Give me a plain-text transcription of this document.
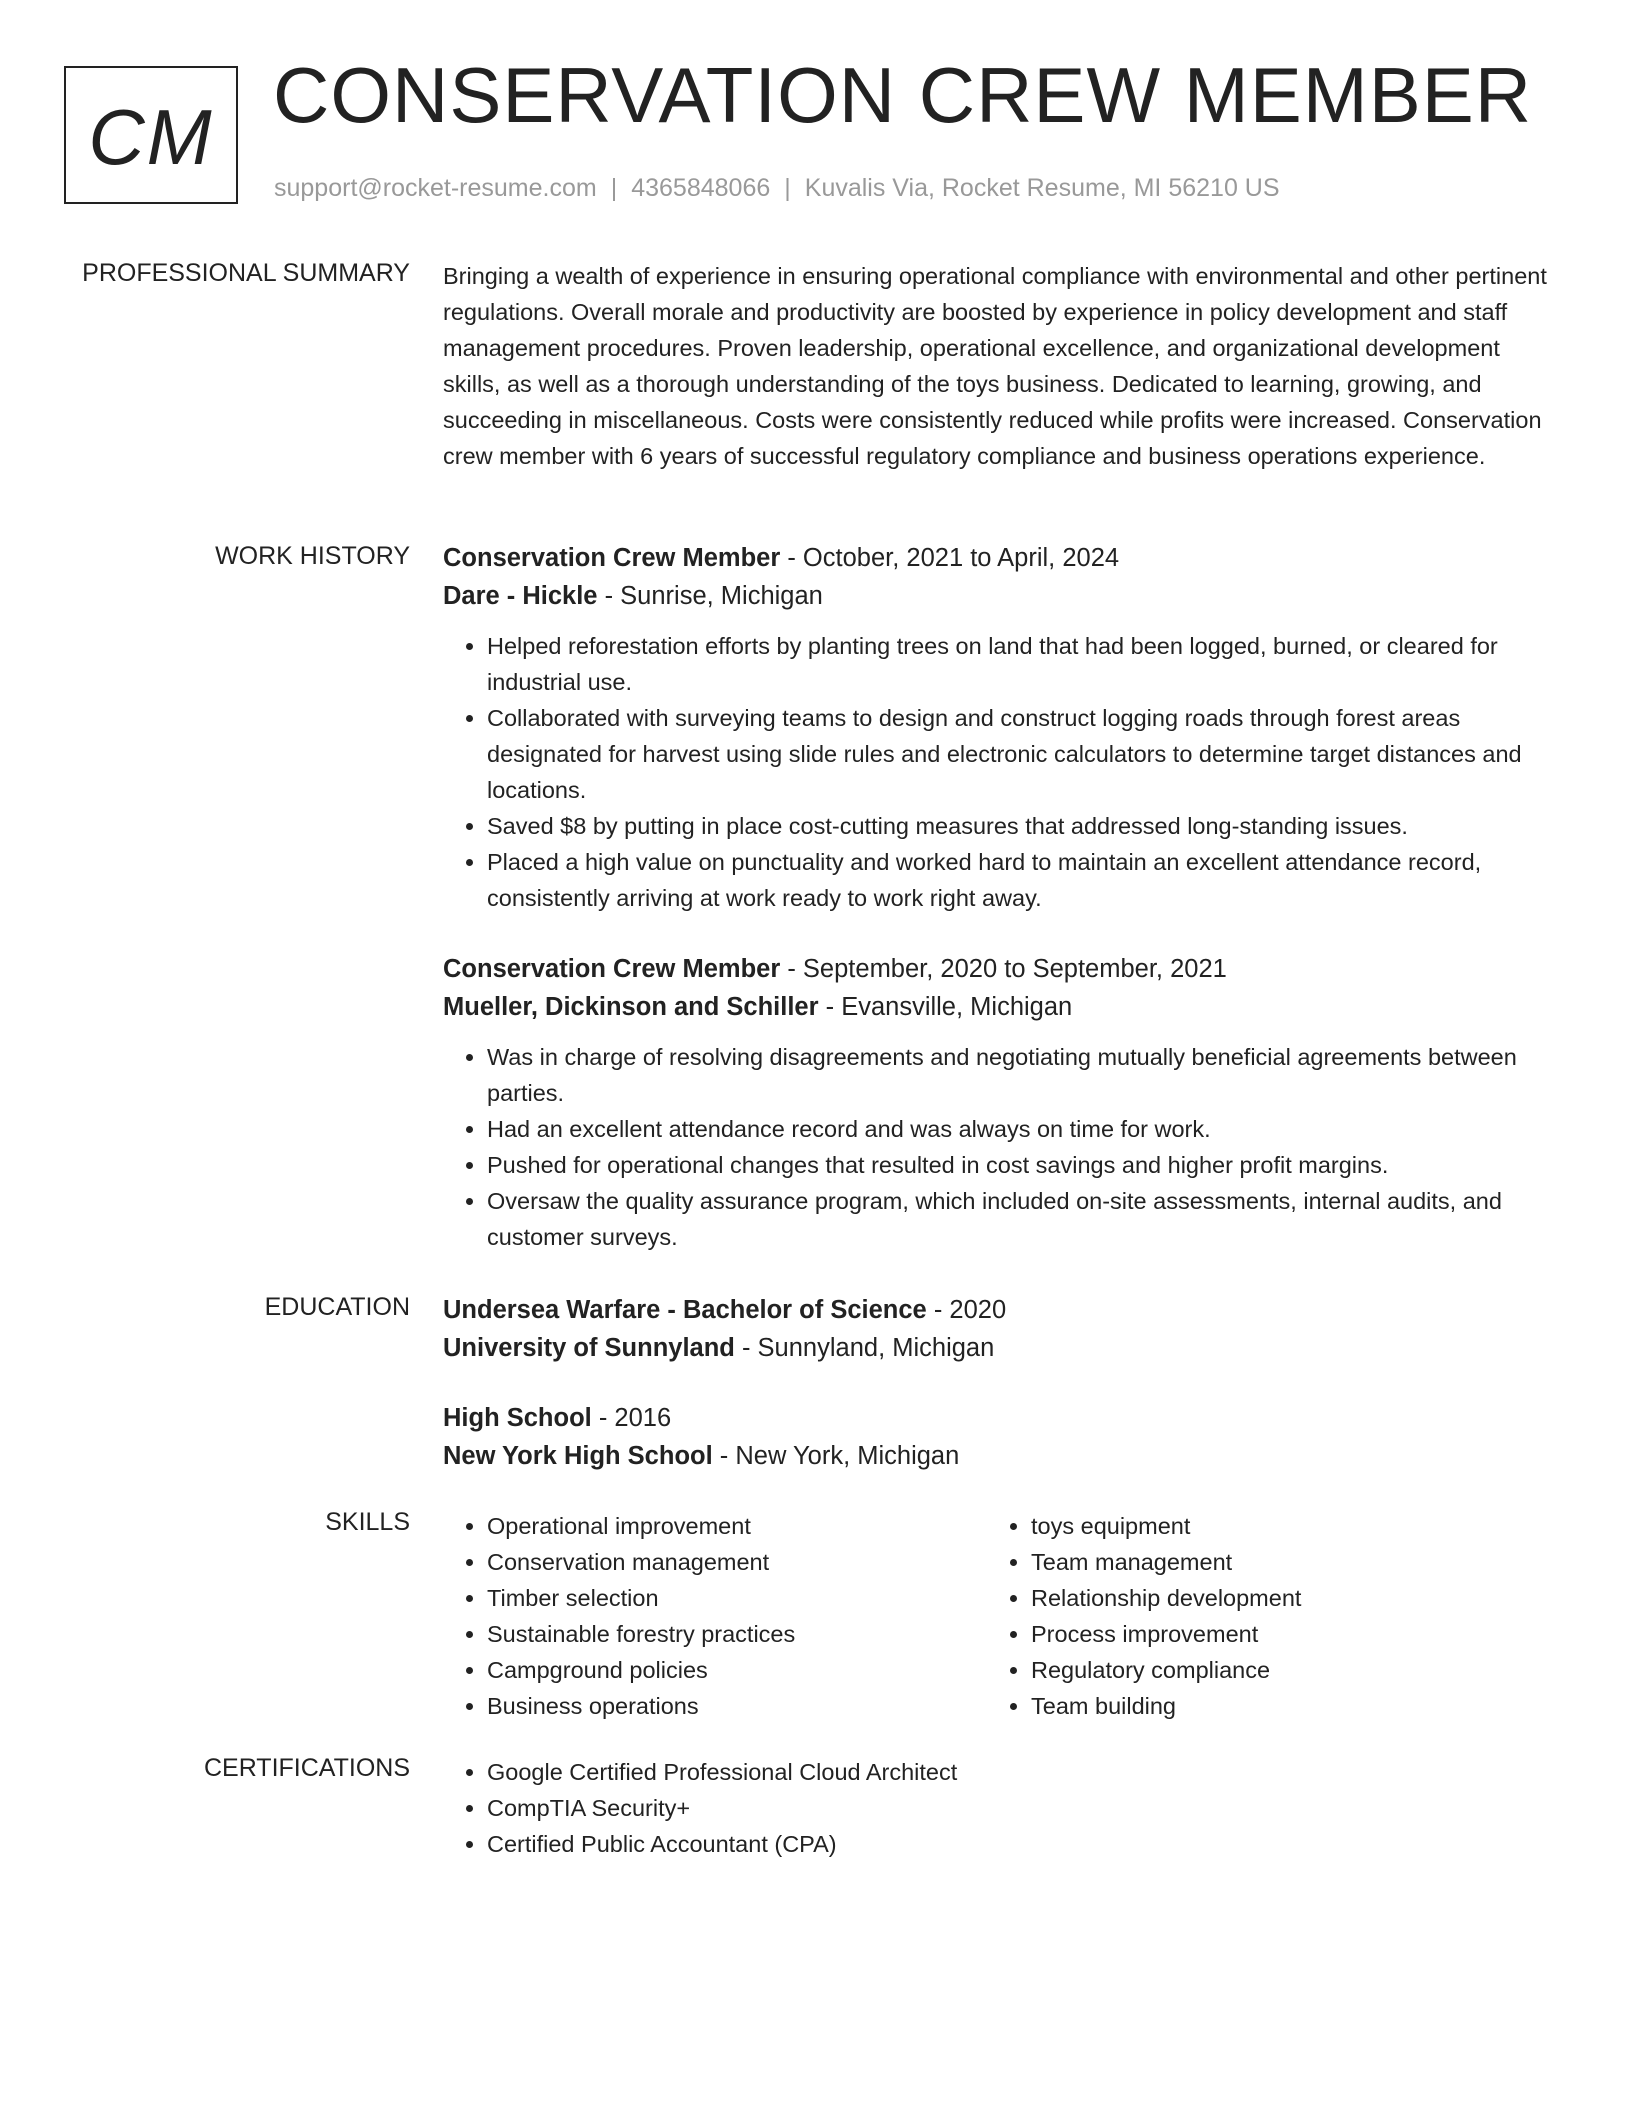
CM CONSERVATION CREW MEMBER
support@rocket-resume.com | 4365848066 | Kuvalis Via, Rocket Resume, MI 56210 US
PROFESSIONAL SUMMARY Bringing a wealth of experience in ensuring operational compliance with environmental and other pertinent regulations. Overall morale and productivity are boosted by experience in policy development and staff management procedures. Proven leadership, operational excellence, and organizational development skills, as well as a thorough understanding of the toys business. Dedicated to learning, growing, and succeeding in miscellaneous. Costs were consistently reduced while profits were increased. Conservation crew member with 6 years of successful regulatory compliance and business operations experience.

WORK HISTORY Conservation Crew Member - October, 2021 to April, 2024
Dare - Hickle - Sunrise, Michigan
• Helped reforestation efforts by planting trees on land that had been logged, burned, or cleared for industrial use.
• Collaborated with surveying teams to design and construct logging roads through forest areas designated for harvest using slide rules and electronic calculators to determine target distances and locations.
• Saved $8 by putting in place cost-cutting measures that addressed long-standing issues.
• Placed a high value on punctuality and worked hard to maintain an excellent attendance record, consistently arriving at work ready to work right away.
Conservation Crew Member - September, 2020 to September, 2021
Mueller, Dickinson and Schiller - Evansville, Michigan
• Was in charge of resolving disagreements and negotiating mutually beneficial agreements between parties.
• Had an excellent attendance record and was always on time for work.
• Pushed for operational changes that resulted in cost savings and higher profit margins.
• Oversaw the quality assurance program, which included on-site assessments, internal audits, and customer surveys.
EDUCATION Undersea Warfare - Bachelor of Science - 2020
University of Sunnyland - Sunnyland, Michigan
High School - 2016
New York High School - New York, Michigan
SKILLS	• Operational improvement
• Conservation management
• Timber selection
• Sustainable forestry practices
• Campground policies
• Business operations
• toys equipment
• Team management
• Relationship development
• Process improvement
• Regulatory compliance
• Team building
CERTIFICATIONS	• Google Certified Professional Cloud Architect
• CompTIA Security+
• Certified Public Accountant (CPA)
